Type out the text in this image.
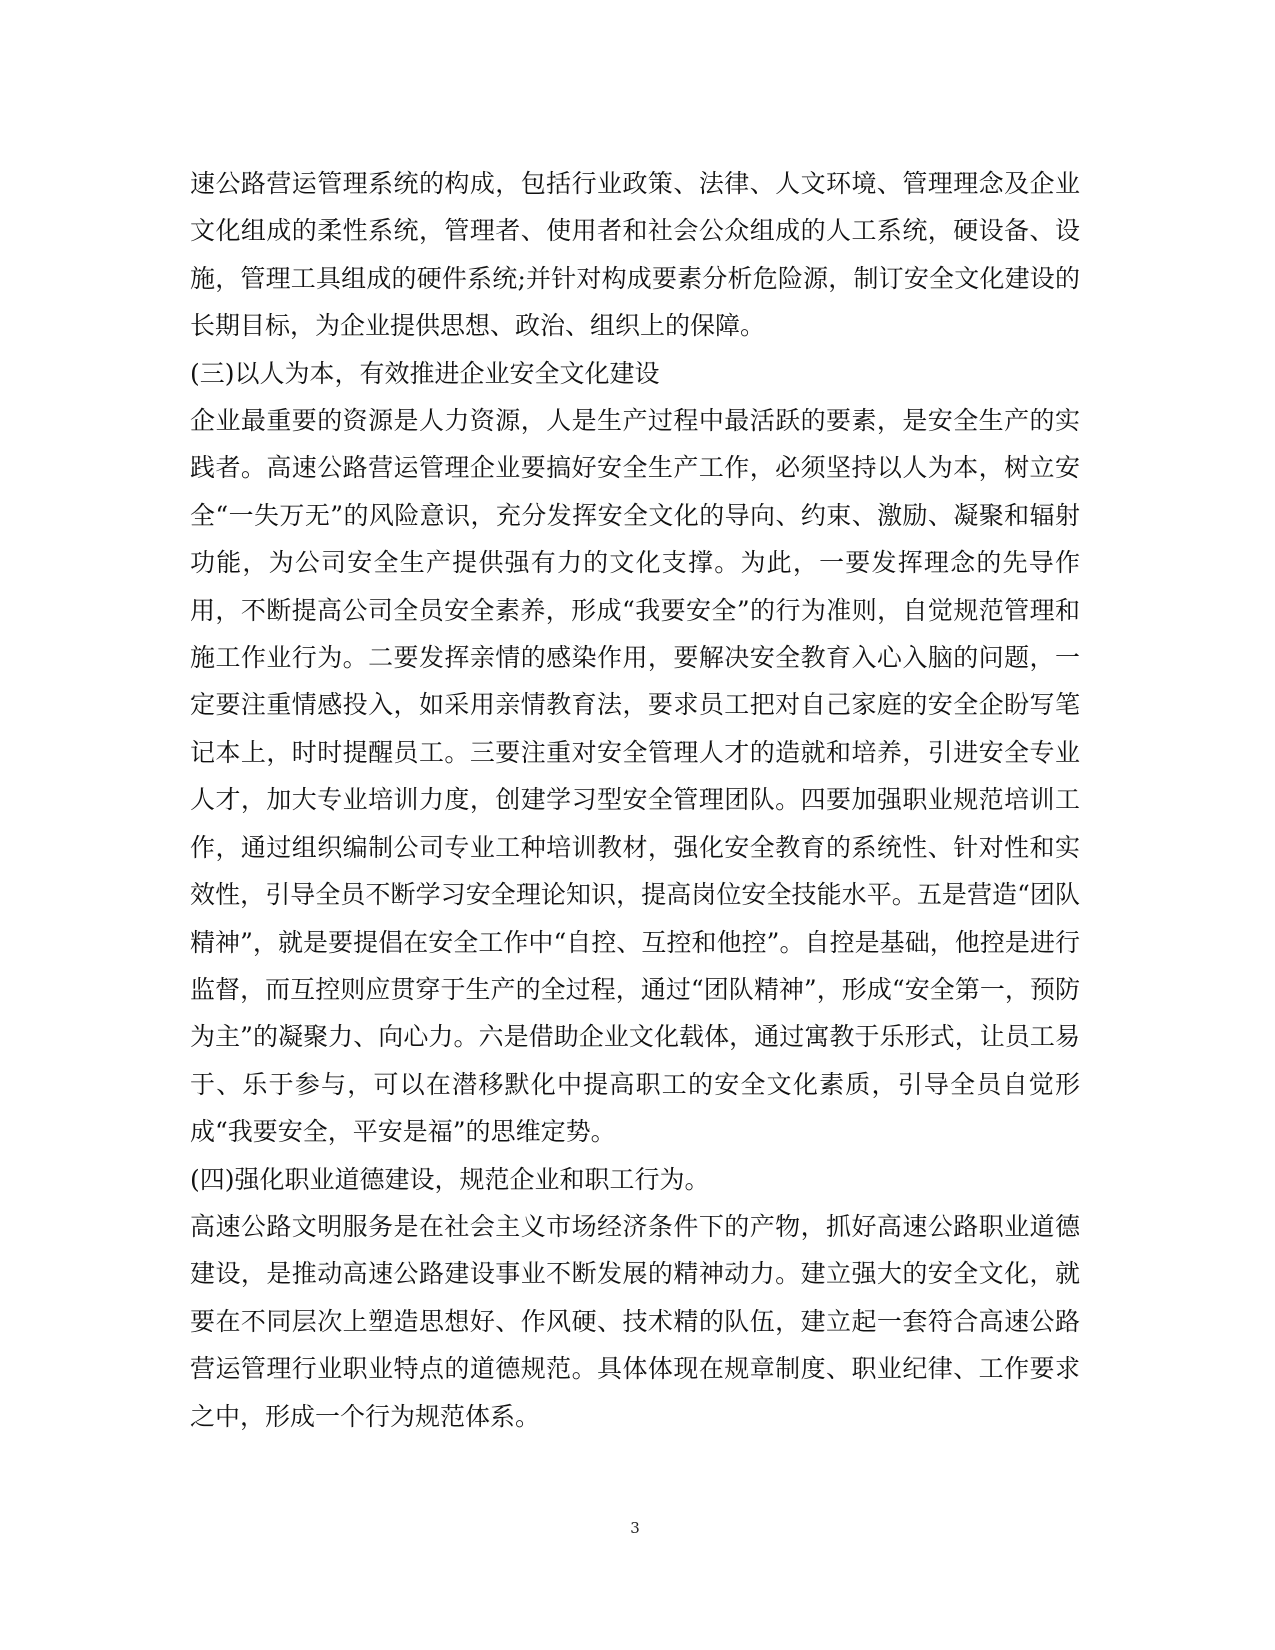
速公路营运管理系统的构成，包括行业政策、法律、人文环境、管理理念及企业文化组成的柔性系统，管理者、使用者和社会公众组成的人工系统，硬设备、设施，管理工具组成的硬件系统;并针对构成要素分析危险源，制订安全文化建设的长期目标，为企业提供思想、政治、组织上的保障。

(三)以人为本，有效推进企业安全文化建设

企业最重要的资源是人力资源，人是生产过程中最活跃的要素，是安全生产的实践者。高速公路营运管理企业要搞好安全生产工作，必须坚持以人为本，树立安全“一失万无”的风险意识，充分发挥安全文化的导向、约束、激励、凝聚和辐射功能，为公司安全生产提供强有力的文化支撑。为此，一要发挥理念的先导作用，不断提高公司全员安全素养，形成“我要安全”的行为准则，自觉规范管理和施工作业行为。二要发挥亲情的感染作用，要解决安全教育入心入脑的问题，一定要注重情感投入，如采用亲情教育法，要求员工把对自己家庭的安全企盼写笔记本上，时时提醒员工。三要注重对安全管理人才的造就和培养，引进安全专业人才，加大专业培训力度，创建学习型安全管理团队。四要加强职业规范培训工作，通过组织编制公司专业工种培训教材，强化安全教育的系统性、针对性和实效性，引导全员不断学习安全理论知识，提高岗位安全技能水平。五是营造“团队精神”，就是要提倡在安全工作中“自控、互控和他控”。自控是基础，他控是进行监督，而互控则应贯穿于生产的全过程，通过“团队精神”，形成“安全第一，预防为主”的凝聚力、向心力。六是借助企业文化载体，通过寓教于乐形式，让员工易于、乐于参与，可以在潜移默化中提高职工的安全文化素质，引导全员自觉形成“我要安全，平安是福”的思维定势。

(四)强化职业道德建设，规范企业和职工行为。

高速公路文明服务是在社会主义市场经济条件下的产物，抓好高速公路职业道德建设，是推动高速公路建设事业不断发展的精神动力。建立强大的安全文化，就要在不同层次上塑造思想好、作风硬、技术精的队伍，建立起一套符合高速公路营运管理行业职业特点的道德规范。具体体现在规章制度、职业纪律、工作要求之中，形成一个行为规范体系。

3
